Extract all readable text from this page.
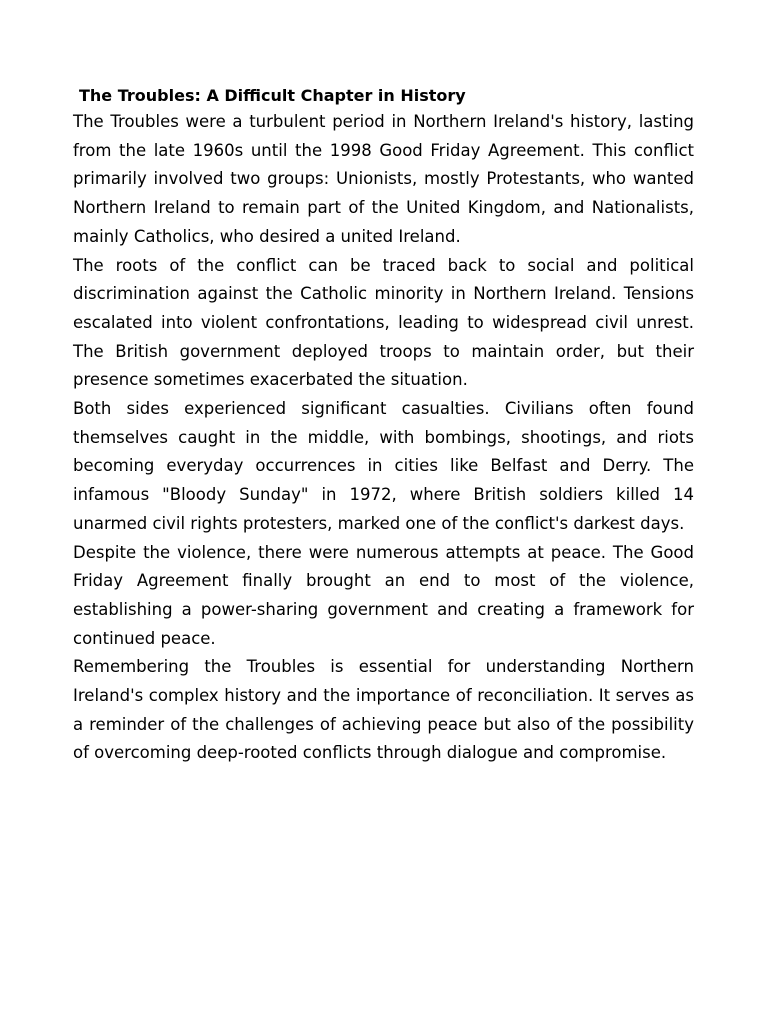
The Troubles: A Difficult Chapter in History

The Troubles were a turbulent period in Northern Ireland's history, lasting from the late 1960s until the 1998 Good Friday Agreement. This conflict primarily involved two groups: Unionists, mostly Protestants, who wanted Northern Ireland to remain part of the United Kingdom, and Nationalists, mainly Catholics, who desired a united Ireland.

The roots of the conflict can be traced back to social and political discrimination against the Catholic minority in Northern Ireland. Tensions escalated into violent confrontations, leading to widespread civil unrest. The British government deployed troops to maintain order, but their presence sometimes exacerbated the situation.

Both sides experienced significant casualties. Civilians often found themselves caught in the middle, with bombings, shootings, and riots becoming everyday occurrences in cities like Belfast and Derry. The infamous "Bloody Sunday" in 1972, where British soldiers killed 14 unarmed civil rights protesters, marked one of the conflict's darkest days.

Despite the violence, there were numerous attempts at peace. The Good Friday Agreement finally brought an end to most of the violence, establishing a power-sharing government and creating a framework for continued peace.

Remembering the Troubles is essential for understanding Northern Ireland's complex history and the importance of reconciliation. It serves as a reminder of the challenges of achieving peace but also of the possibility of overcoming deep-rooted conflicts through dialogue and compromise.
